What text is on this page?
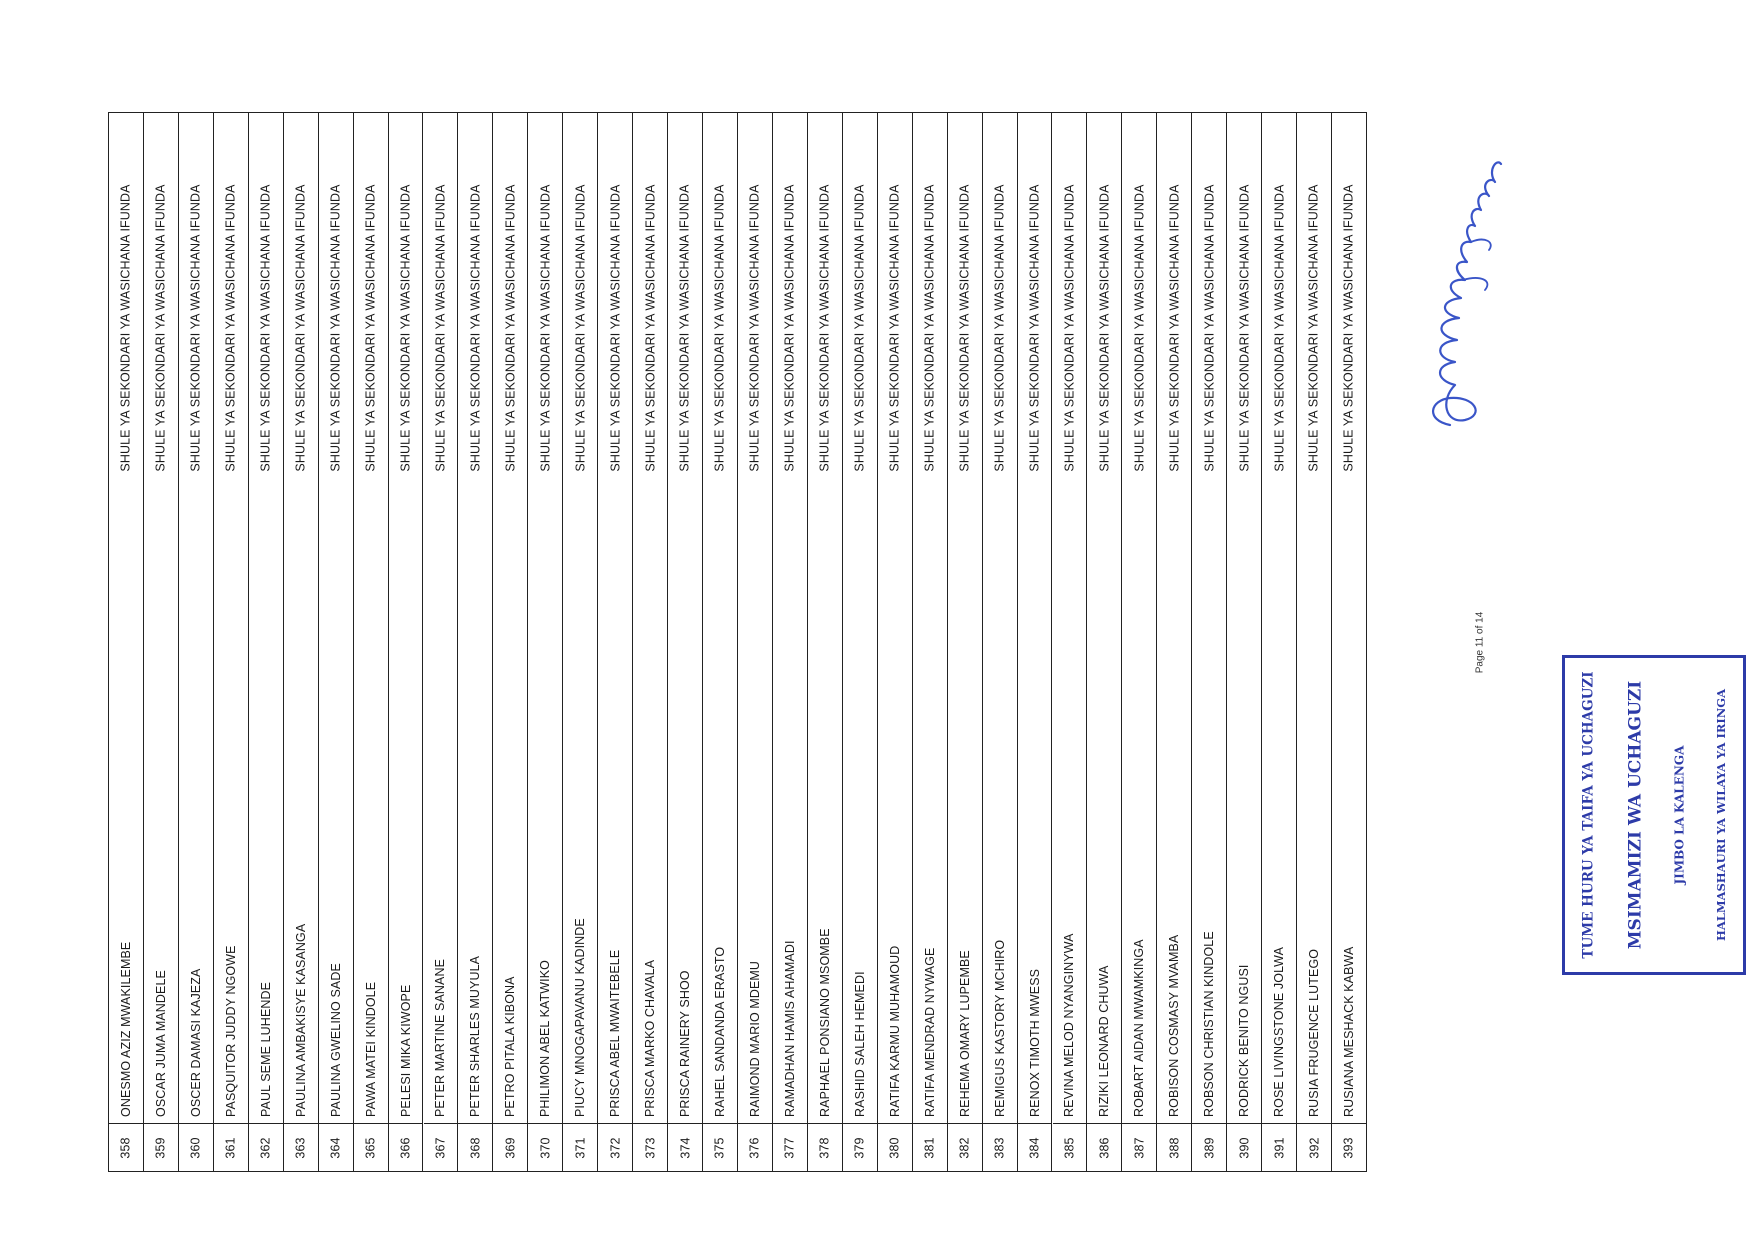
SHULE YA SEKONDARI YA WASICHANA IFUNDA
ONESMO AZIZ MWAKILEMBE
358
SHULE YA SEKONDARI YA WASICHANA IFUNDA
OSCAR JUMA MANDELE
359
SHULE YA SEKONDARI YA WASICHANA IFUNDA
OSCER DAMASI KAJEZA
360
SHULE YA SEKONDARI YA WASICHANA IFUNDA
PASQUITOR JUDDY NGOWE
361
SHULE YA SEKONDARI YA WASICHANA IFUNDA
PAUL SEME LUHENDE
362
SHULE YA SEKONDARI YA WASICHANA IFUNDA
PAULINA AMBAKISYE KASANGA
363
SHULE YA SEKONDARI YA WASICHANA IFUNDA
PAULINA GWELINO SADE
364
SHULE YA SEKONDARI YA WASICHANA IFUNDA
PAWA MATEI KINDOLE
365
SHULE YA SEKONDARI YA WASICHANA IFUNDA
PELESI MIKA KIWOPE
366
SHULE YA SEKONDARI YA WASICHANA IFUNDA
PETER MARTINE SANANE
367
SHULE YA SEKONDARI YA WASICHANA IFUNDA
PETER SHARLES MUYULA
368
SHULE YA SEKONDARI YA WASICHANA IFUNDA
PETRO PITALA KIBONA
369
SHULE YA SEKONDARI YA WASICHANA IFUNDA
PHILIMON ABEL KATWIKO
370
SHULE YA SEKONDARI YA WASICHANA IFUNDA
PIUCY MNOGAPAVANU KADINDE
371
SHULE YA SEKONDARI YA WASICHANA IFUNDA
PRISCA ABEL MWAITEBELE
372
SHULE YA SEKONDARI YA WASICHANA IFUNDA
PRISCA MARKO CHAVALA
373
SHULE YA SEKONDARI YA WASICHANA IFUNDA
PRISCA RAINERY SHOO
374
SHULE YA SEKONDARI YA WASICHANA IFUNDA
RAHEL SANDANDA ERASTO
375
SHULE YA SEKONDARI YA WASICHANA IFUNDA
RAIMOND MARIO MDEMU
376
SHULE YA SEKONDARI YA WASICHANA IFUNDA
RAMADHAN HAMIS AHAMADI
377
SHULE YA SEKONDARI YA WASICHANA IFUNDA
RAPHAEL PONSIANO MSOMBE
378
SHULE YA SEKONDARI YA WASICHANA IFUNDA
RASHID SALEH HEMEDI
379
SHULE YA SEKONDARI YA WASICHANA IFUNDA
RATIFA KARMU MUHAMOUD
380
SHULE YA SEKONDARI YA WASICHANA IFUNDA
RATIFA MENDRAD NYWAGE
381
SHULE YA SEKONDARI YA WASICHANA IFUNDA
REHEMA OMARY LUPEMBE
382
SHULE YA SEKONDARI YA WASICHANA IFUNDA
REMIGUS KASTORY MCHIRO
383
SHULE YA SEKONDARI YA WASICHANA IFUNDA
RENOX TIMOTH MWESS
384
SHULE YA SEKONDARI YA WASICHANA IFUNDA
REVINA MELOD NYANGINYWA
385
SHULE YA SEKONDARI YA WASICHANA IFUNDA
RIZIKI LEONARD CHUWA
386
SHULE YA SEKONDARI YA WASICHANA IFUNDA
ROBART AIDAN MWAMKINGA
387
SHULE YA SEKONDARI YA WASICHANA IFUNDA
ROBISON COSMASY MVAMBA
388
SHULE YA SEKONDARI YA WASICHANA IFUNDA
ROBSON CHRISTIAN KINDOLE
389
SHULE YA SEKONDARI YA WASICHANA IFUNDA
RODRICK BENITO NGUSI
390
SHULE YA SEKONDARI YA WASICHANA IFUNDA
ROSE LIVINGSTONE JOLWA
391
SHULE YA SEKONDARI YA WASICHANA IFUNDA
RUSIA FRUGENCE LUTEGO
392
SHULE YA SEKONDARI YA WASICHANA IFUNDA
RUSIANA MESHACK KABWA
393
Page 11 of 14
TUME HURU YA TAIFA YA UCHAGUZI MSIMAMIZI WA UCHAGUZI JIMBO LA KALENGA HALMASHAURI YA WILAYA YA IRINGA
